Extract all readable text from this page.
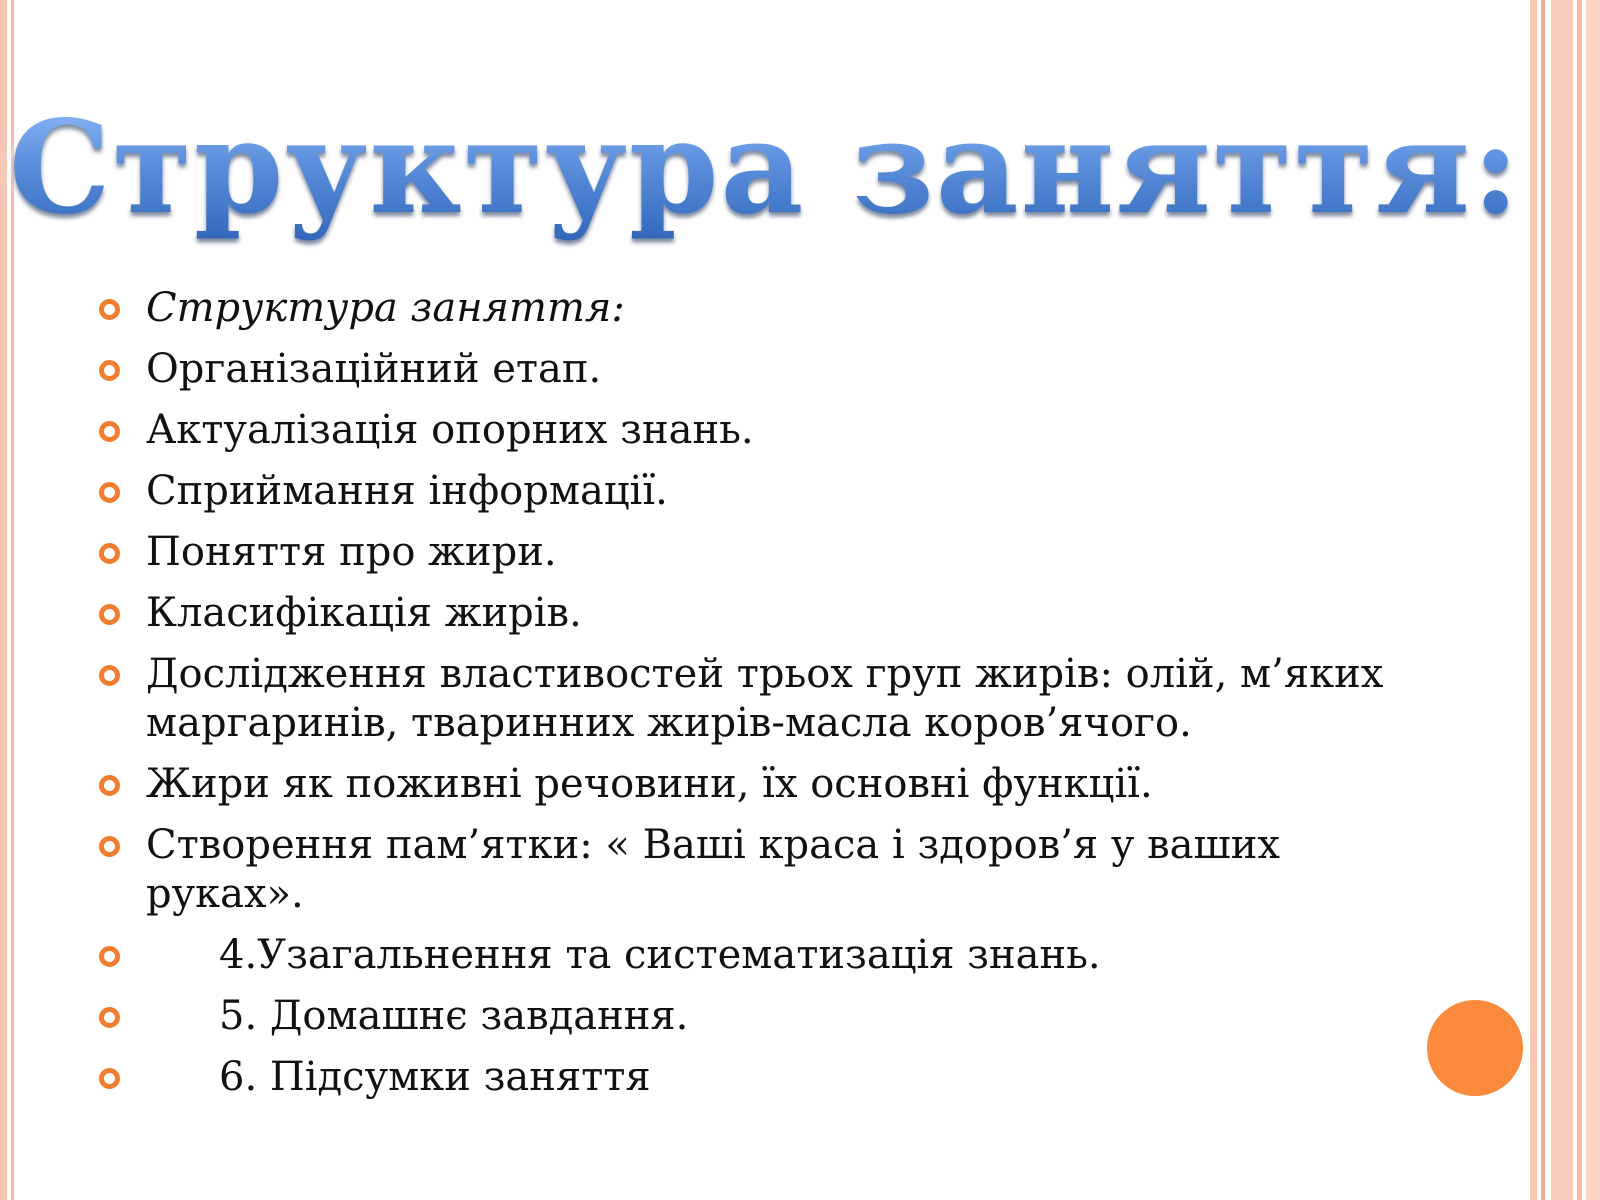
Структура заняття:
Структура заняття:
Організаційний етап.
Актуалізація опорних знань.
Сприймання інформації.
Поняття про жири.
Класифікація жирів.
Дослідження властивостей трьох груп жирів: олій, м’яких маргаринів, тваринних жирів-масла коров’ячого.
Жири як поживні речовини, їх основні функції.
Створення пам’ятки: « Ваші краса і здоров’я у ваших руках».
4.Узагальнення та систематизація знань.
5. Домашнє завдання.
6. Підсумки заняття
